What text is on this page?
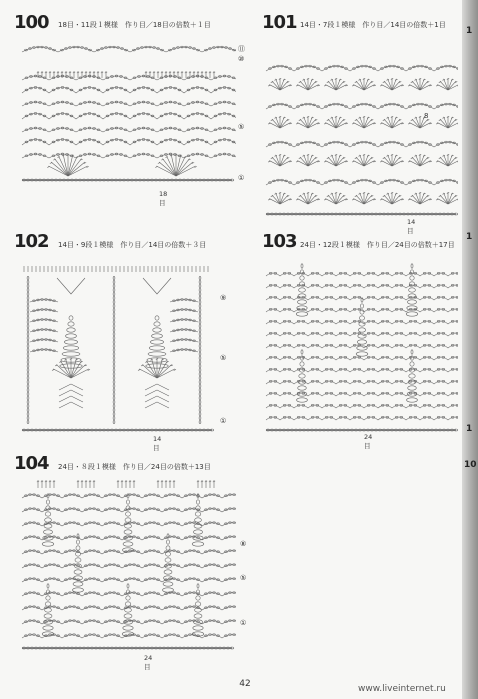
100 18目・11段１模様　作り目／18目の倍数＋１目
⑪
⑩
⑤
①
18目
101 14目・7段１模様　作り目／14目の倍数＋1目
8
14目
102 14目・9段１模様　作り目／14目の倍数＋３目
⑨
⑤
①
14目
103 24目・12段１模様　作り目／24目の倍数＋17目
24目
104 24目・８段１模様　作り目／24目の倍数＋13目
⑧
⑤
①
24目
42	www.liveinternet.ru
1
1
1
10
